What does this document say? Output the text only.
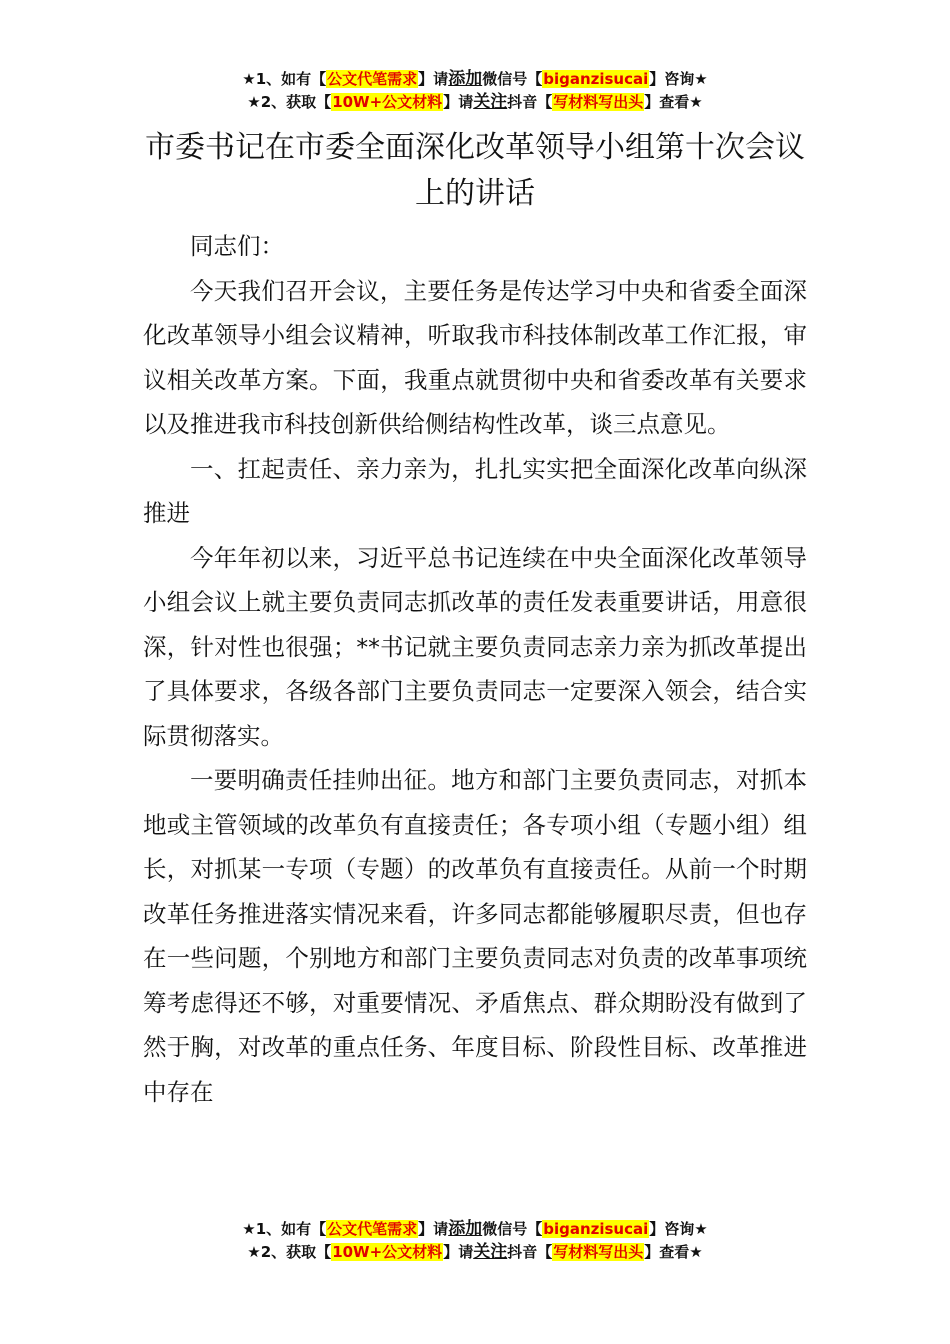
★1、如有【公文代笔需求】请添加微信号【biganzisucai】咨询★
★2、获取【10W+公文材料】请关注抖音【写材料写出头】查看★
市委书记在市委全面深化改革领导小组第十次会议上的讲话

同志们：

今天我们召开会议，主要任务是传达学习中央和省委全面深化改革领导小组会议精神，听取我市科技体制改革工作汇报，审议相关改革方案。下面，我重点就贯彻中央和省委改革有关要求以及推进我市科技创新供给侧结构性改革，谈三点意见。

一、扛起责任、亲力亲为，扎扎实实把全面深化改革向纵深推进

今年年初以来，习近平总书记连续在中央全面深化改革领导小组会议上就主要负责同志抓改革的责任发表重要讲话，用意很深，针对性也很强；**书记就主要负责同志亲力亲为抓改革提出了具体要求，各级各部门主要负责同志一定要深入领会，结合实际贯彻落实。

一要明确责任挂帅出征。地方和部门主要负责同志，对抓本地或主管领域的改革负有直接责任；各专项小组（专题小组）组长，对抓某一专项（专题）的改革负有直接责任。从前一个时期改革任务推进落实情况来看，许多同志都能够履职尽责，但也存在一些问题，个别地方和部门主要负责同志对负责的改革事项统筹考虑得还不够，对重要情况、矛盾焦点、群众期盼没有做到了然于胸，对改革的重点任务、年度目标、阶段性目标、改革推进中存在

★1、如有【公文代笔需求】请添加微信号【biganzisucai】咨询★
★2、获取【10W+公文材料】请关注抖音【写材料写出头】查看★
